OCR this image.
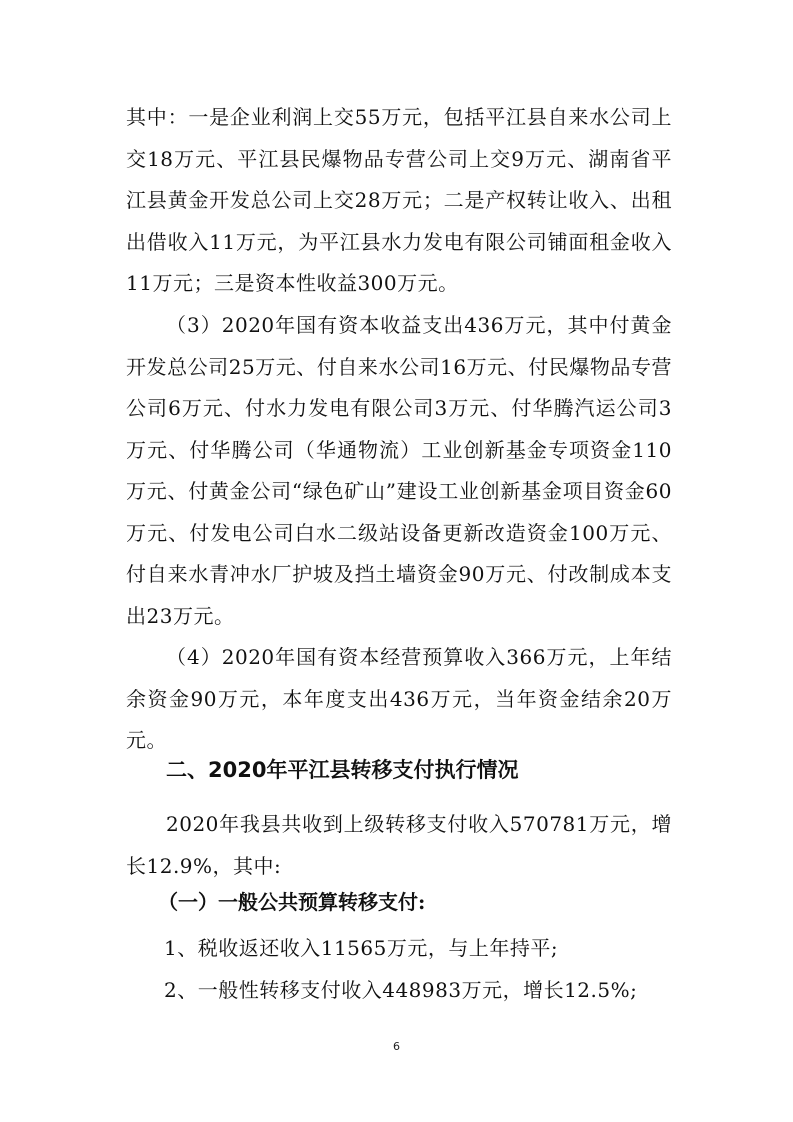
其中：一是企业利润上交55万元，包括平江县自来水公司上交18万元、平江县民爆物品专营公司上交9万元、湖南省平江县黄金开发总公司上交28万元；二是产权转让收入、出租出借收入11万元，为平江县水力发电有限公司铺面租金收入11万元；三是资本性收益300万元。

（3）2020年国有资本收益支出436万元，其中付黄金开发总公司25万元、付自来水公司16万元、付民爆物品专营公司6万元、付水力发电有限公司3万元、付华腾汽运公司3万元、付华腾公司（华通物流）工业创新基金专项资金110万元、付黄金公司“绿色矿山”建设工业创新基金项目资金60万元、付发电公司白水二级站设备更新改造资金100万元、付自来水青冲水厂护坡及挡土墙资金90万元、付改制成本支出23万元。

（4）2020年国有资本经营预算收入366万元，上年结余资金90万元，本年度支出436万元，当年资金结余20万元。

二、2020年平江县转移支付执行情况

2020年我县共收到上级转移支付收入570781万元，增长12.9%，其中:

（一）一般公共预算转移支付:

1、税收返还收入11565万元，与上年持平;

2、一般性转移支付收入448983万元，增长12.5%;

6
